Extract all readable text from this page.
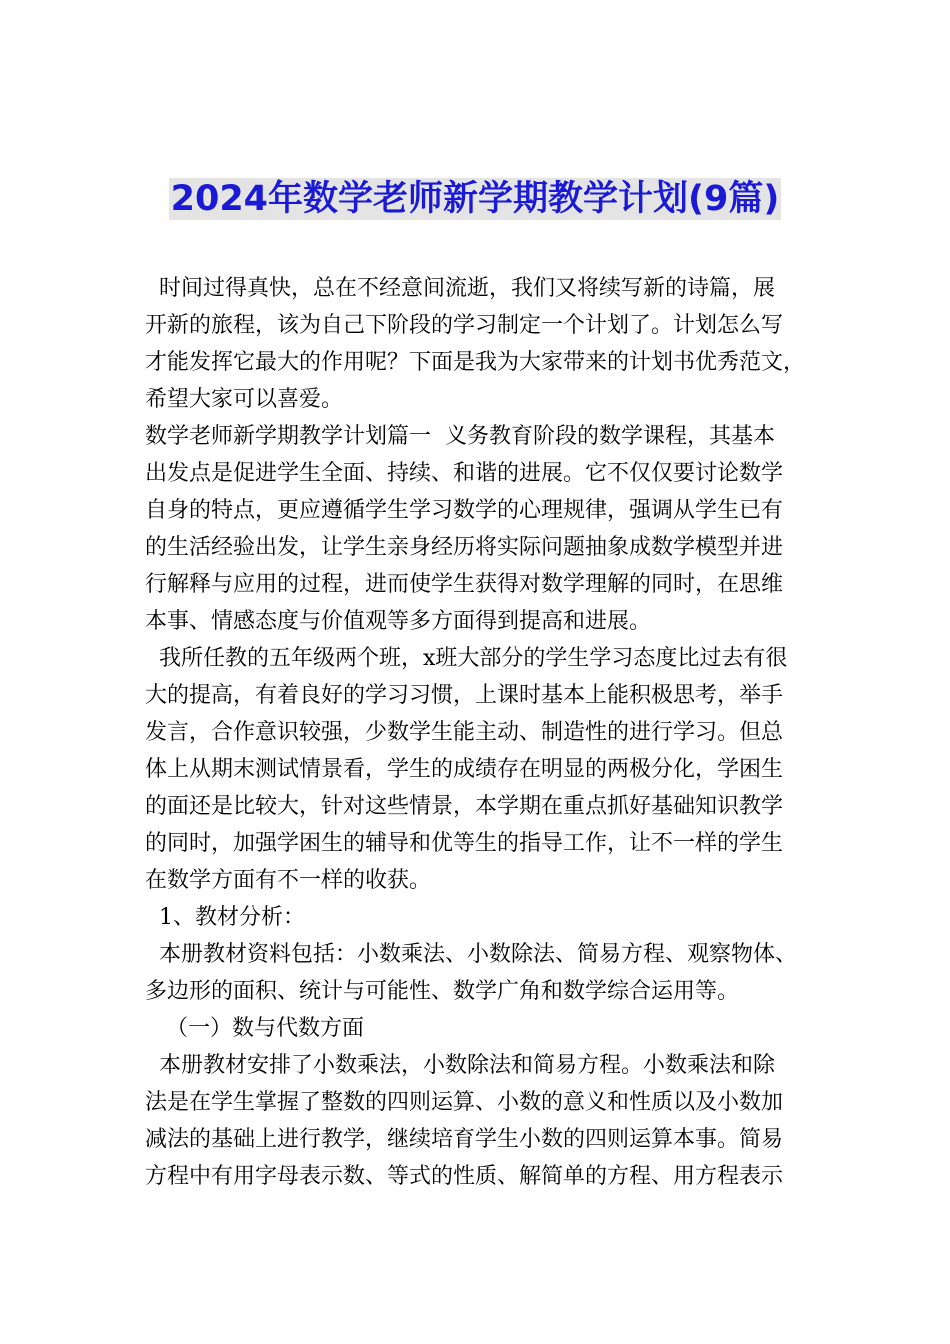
2024年数学老师新学期教学计划(9篇)
时间过得真快，总在不经意间流逝，我们又将续写新的诗篇，展
开新的旅程，该为自己下阶段的学习制定一个计划了。计划怎么写
才能发挥它最大的作用呢？下面是我为大家带来的计划书优秀范文，
希望大家可以喜爱。
数学老师新学期教学计划篇一  义务教育阶段的数学课程，其基本
出发点是促进学生全面、持续、和谐的进展。它不仅仅要讨论数学
自身的特点，更应遵循学生学习数学的心理规律，强调从学生已有
的生活经验出发，让学生亲身经历将实际问题抽象成数学模型并进
行解释与应用的过程，进而使学生获得对数学理解的同时，在思维
本事、情感态度与价值观等多方面得到提高和进展。
我所任教的五年级两个班，x班大部分的学生学习态度比过去有很
大的提高，有着良好的学习习惯，上课时基本上能积极思考，举手
发言，合作意识较强，少数学生能主动、制造性的进行学习。但总
体上从期末测试情景看，学生的成绩存在明显的两极分化，学困生
的面还是比较大，针对这些情景，本学期在重点抓好基础知识教学
的同时，加强学困生的辅导和优等生的指导工作，让不一样的学生
在数学方面有不一样的收获。
1、教材分析：
本册教材资料包括：小数乘法、小数除法、简易方程、观察物体、
多边形的面积、统计与可能性、数学广角和数学综合运用等。
（一）数与代数方面
本册教材安排了小数乘法，小数除法和简易方程。小数乘法和除
法是在学生掌握了整数的四则运算、小数的意义和性质以及小数加
减法的基础上进行教学，继续培育学生小数的四则运算本事。简易
方程中有用字母表示数、等式的性质、解简单的方程、用方程表示
